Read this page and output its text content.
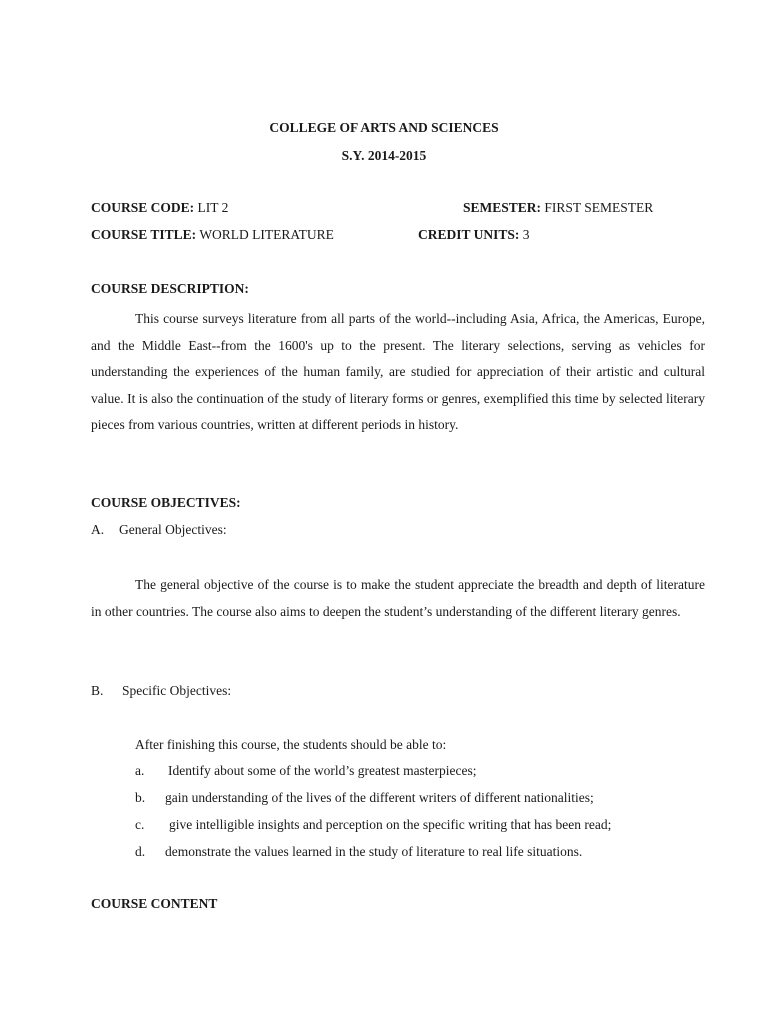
COLLEGE OF ARTS AND SCIENCES
S.Y. 2014-2015
COURSE CODE: LIT 2	SEMESTER: FIRST SEMESTER
COURSE TITLE: WORLD LITERATURE	CREDIT UNITS: 3
COURSE DESCRIPTION:
This course surveys literature from all parts of the world--including Asia, Africa, the Americas, Europe, and the Middle East--from the 1600's up to the present. The literary selections, serving as vehicles for understanding the experiences of the human family, are studied for appreciation of their artistic and cultural value. It is also the continuation of the study of literary forms or genres, exemplified this time by selected literary pieces from various countries, written at different periods in history.
COURSE OBJECTIVES:
A. General Objectives:
The general objective of the course is to make the student appreciate the breadth and depth of literature in other countries. The course also aims to deepen the student’s understanding of the different literary genres.
B. Specific Objectives:
After finishing this course, the students should be able to:
a. Identify about some of the world’s greatest masterpieces;
b. gain understanding of the lives of the different writers of different nationalities;
c. give intelligible insights and perception on the specific writing that has been read;
d. demonstrate the values learned in the study of literature to real life situations.
COURSE CONTENT
